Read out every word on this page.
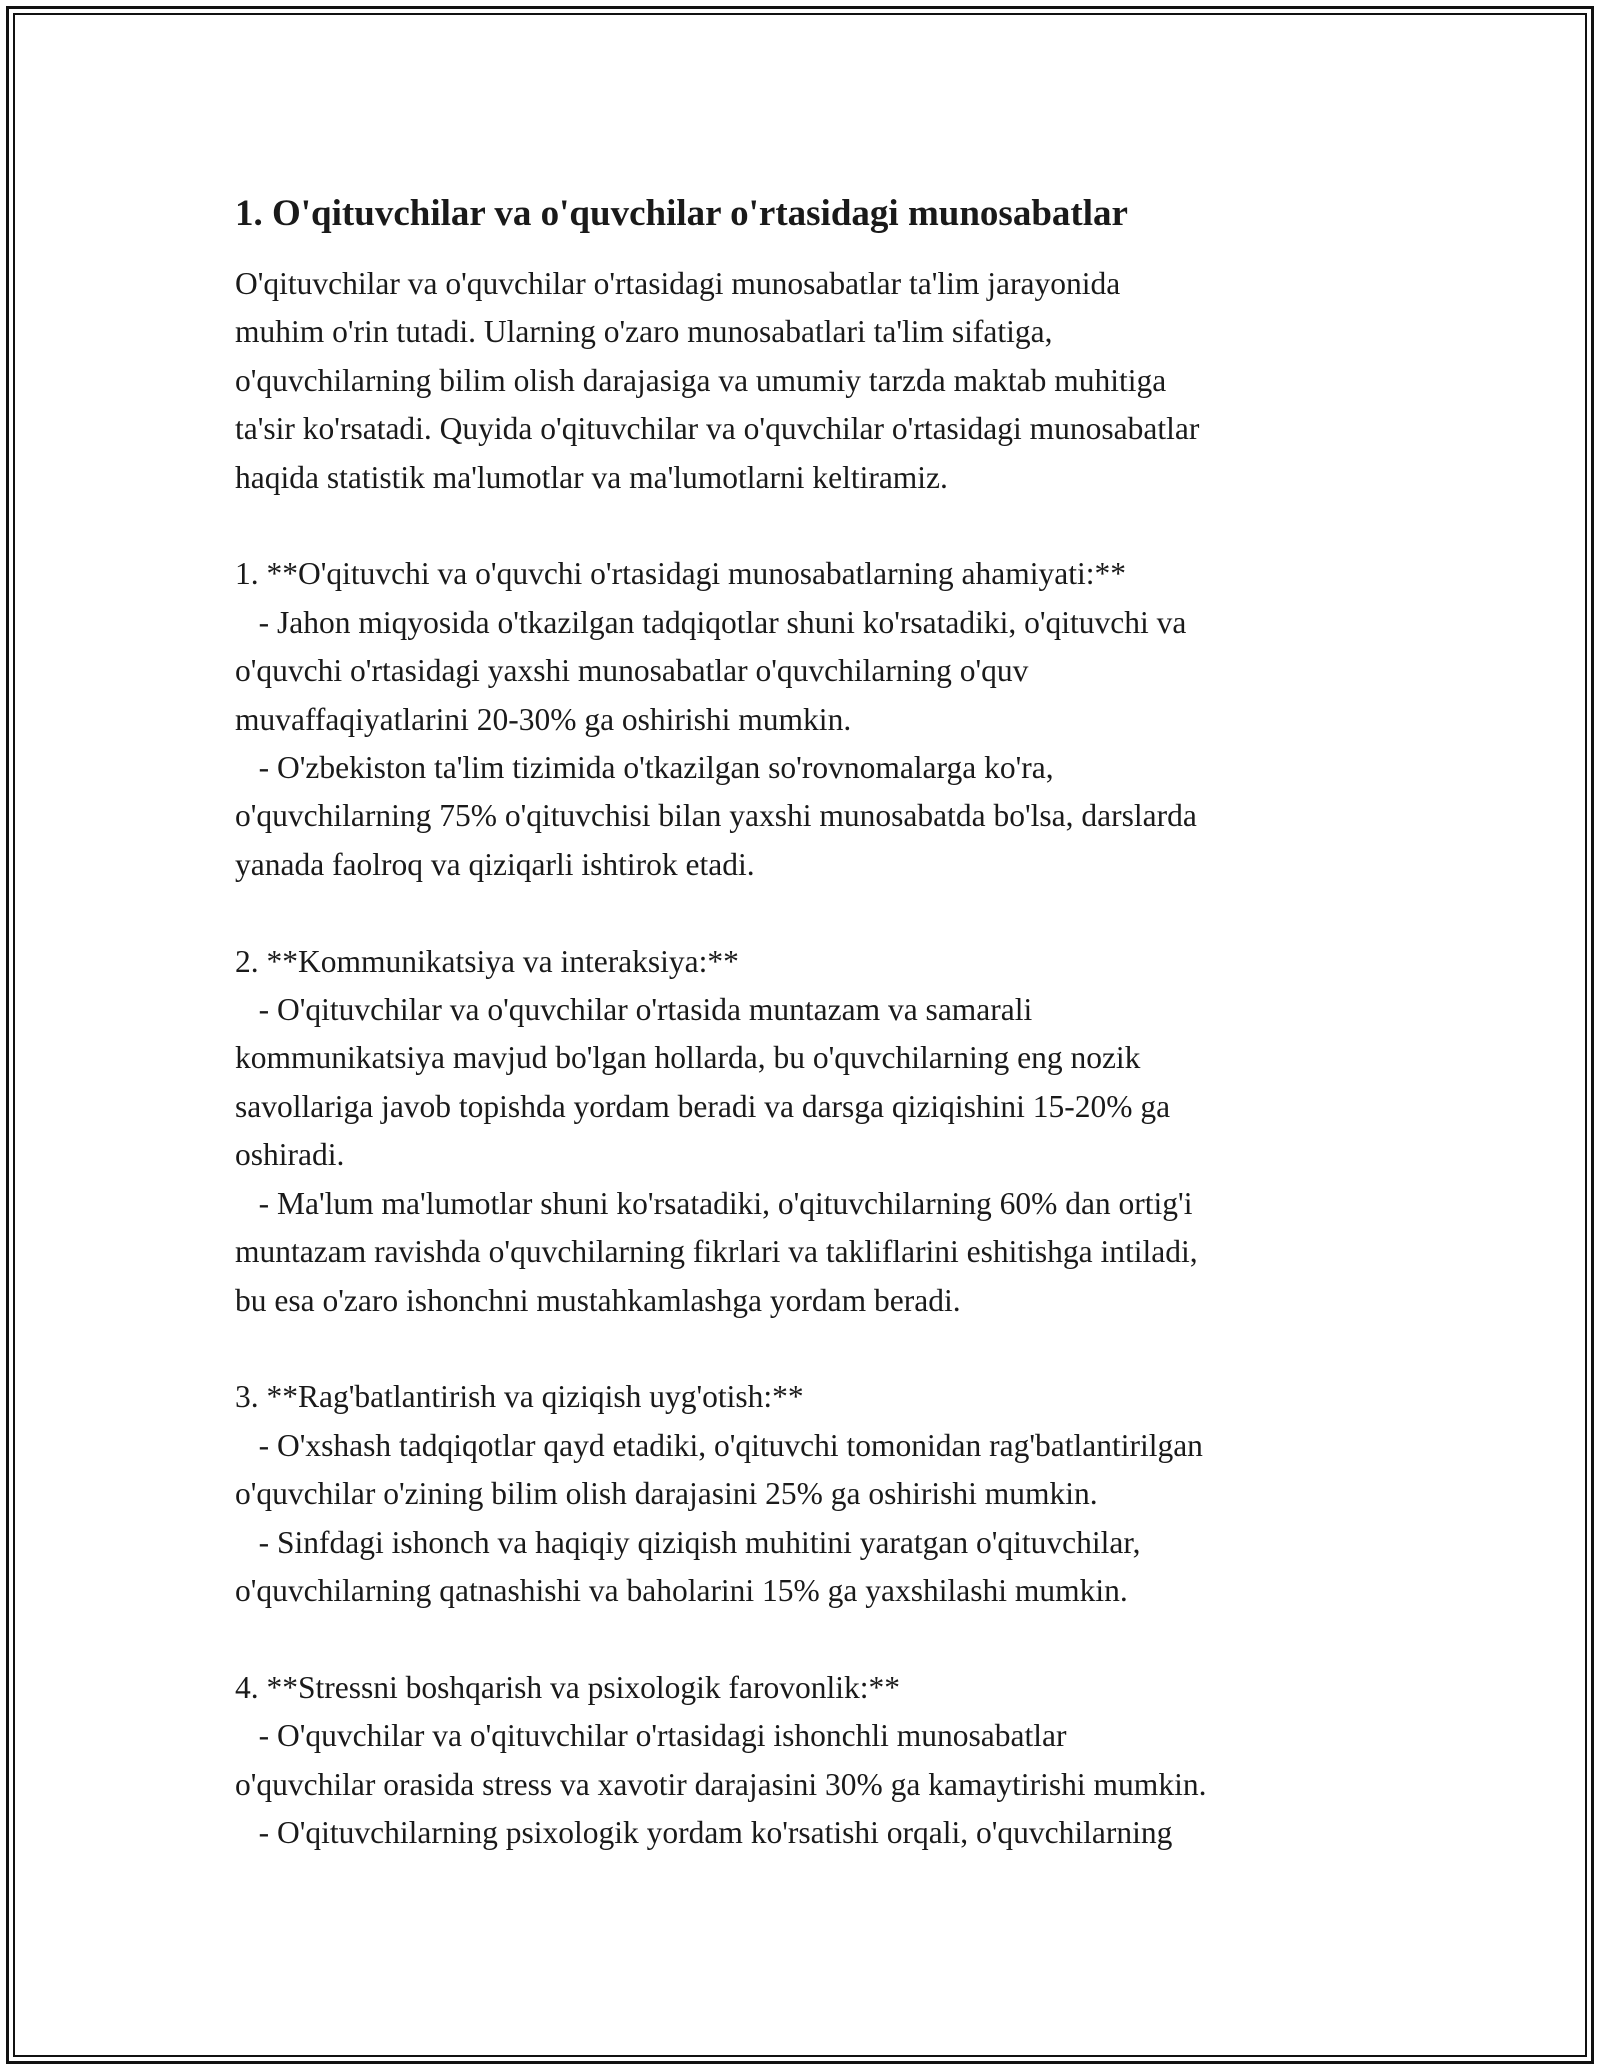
1. O'qituvchilar va o'quvchilar o'rtasidagi munosabatlar

O'qituvchilar va o'quvchilar o'rtasidagi munosabatlar ta'lim jarayonida
muhim o'rin tutadi. Ularning o'zaro munosabatlari ta'lim sifatiga,
o'quvchilarning bilim olish darajasiga va umumiy tarzda maktab muhitiga
ta'sir ko'rsatadi. Quyida o'qituvchilar va o'quvchilar o'rtasidagi munosabatlar
haqida statistik ma'lumotlar va ma'lumotlarni keltiramiz.

1. **O'qituvchi va o'quvchi o'rtasidagi munosabatlarning ahamiyati:**
- Jahon miqyosida o'tkazilgan tadqiqotlar shuni ko'rsatadiki, o'qituvchi va
o'quvchi o'rtasidagi yaxshi munosabatlar o'quvchilarning o'quv
muvaffaqiyatlarini 20-30% ga oshirishi mumkin.
- O'zbekiston ta'lim tizimida o'tkazilgan so'rovnomalarga ko'ra,
o'quvchilarning 75% o'qituvchisi bilan yaxshi munosabatda bo'lsa, darslarda
yanada faolroq va qiziqarli ishtirok etadi.
2. **Kommunikatsiya va interaksiya:**
- O'qituvchilar va o'quvchilar o'rtasida muntazam va samarali
kommunikatsiya mavjud bo'lgan hollarda, bu o'quvchilarning eng nozik
savollariga javob topishda yordam beradi va darsga qiziqishini 15-20% ga
oshiradi.
- Ma'lum ma'lumotlar shuni ko'rsatadiki, o'qituvchilarning 60% dan ortig'i
muntazam ravishda o'quvchilarning fikrlari va takliflarini eshitishga intiladi,
bu esa o'zaro ishonchni mustahkamlashga yordam beradi.
3. **Rag'batlantirish va qiziqish uyg'otish:**
- O'xshash tadqiqotlar qayd etadiki, o'qituvchi tomonidan rag'batlantirilgan
o'quvchilar o'zining bilim olish darajasini 25% ga oshirishi mumkin.
- Sinfdagi ishonch va haqiqiy qiziqish muhitini yaratgan o'qituvchilar,
o'quvchilarning qatnashishi va baholarini 15% ga yaxshilashi mumkin.
4. **Stressni boshqarish va psixologik farovonlik:**
- O'quvchilar va o'qituvchilar o'rtasidagi ishonchli munosabatlar
o'quvchilar orasida stress va xavotir darajasini 30% ga kamaytirishi mumkin.
- O'qituvchilarning psixologik yordam ko'rsatishi orqali, o'quvchilarning
